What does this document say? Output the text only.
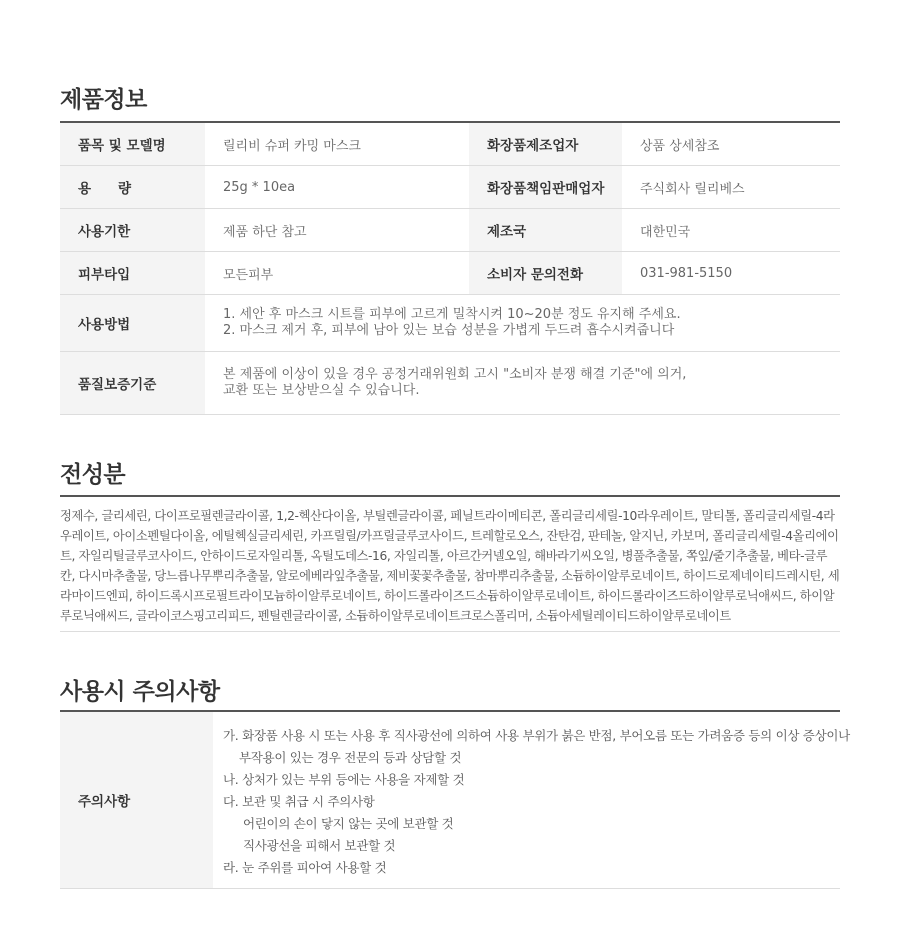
제품정보
품목 및 모델명	릴리비 슈퍼 카밍 마스크	화장품제조업자	상품 상세참조
용　　량	25g * 10ea	화장품책임판매업자	주식회사 릴리베스
사용기한	제품 하단 참고	제조국	대한민국
피부타입	모든피부	소비자 문의전화	031-981-5150
사용방법	1. 세안 후 마스크 시트를 피부에 고르게 밀착시켜 10~20분 정도 유지해 주세요.
2. 마스크 제거 후, 피부에 남아 있는 보습 성분을 가볍게 두드려 흡수시켜줍니다		

품질보증기준	본 제품에 이상이 있을 경우 공정거래위원회 고시 "소비자 분쟁 해결 기준"에 의거,
교환 또는 보상받으실 수 있습니다.		
전성분
정제수, 글리세린, 다이프로필렌글라이콜, 1,2-헥산다이올, 부틸렌글라이콜, 페닐트라이메티콘, 폴리글리세릴-10라우레이트, 말티톨, 폴리글리세릴-4라우레이트, 아이소펜틸다이올, 에틸헥실글리세린, 카프릴릴/카프릴글루코사이드, 트레할로오스, 잔탄검, 판테놀, 알지닌, 카보머, 폴리글리세릴-4올리에이트, 자일리틸글루코사이드, 안하이드로자일리톨, 옥틸도데스-16, 자일리톨, 아르간커넬오일, 해바라기씨오일, 병풀추출물, 쪽잎/줄기추출물, 베타-글루칸, 다시마추출물, 당느릅나무뿌리추출물, 알로에베라잎추출물, 제비꽃꽃추출물, 참마뿌리추출물, 소듐하이알루로네이트, 하이드로제네이티드레시틴, 세라마이드엔피, 하이드록시프로필트라이모늄하이알루로네이트, 하이드롤라이즈드소듐하이알루로네이트, 하이드롤라이즈드하이알루로닉애씨드, 하이알루로닉애씨드, 글라이코스핑고리피드, 펜틸렌글라이콜, 소듐하이알루로네이트크로스폴리머, 소듐아세틸레이티드하이알루로네이트
사용시 주의사항
주의사항	
가. 화장품 사용 시 또는 사용 후 직사광선에 의하여 사용 부위가 붉은 반점, 부어오름 또는 가려움증 등의 이상 증상이나
부작용이 있는 경우 전문의 등과 상담할 것
나. 상처가 있는 부위 등에는 사용을 자제할 것
다. 보관 및 취급 시 주의사항
어린이의 손이 닿지 않는 곳에 보관할 것
직사광선을 피해서 보관할 것
라. 눈 주위를 피아여 사용할 것
